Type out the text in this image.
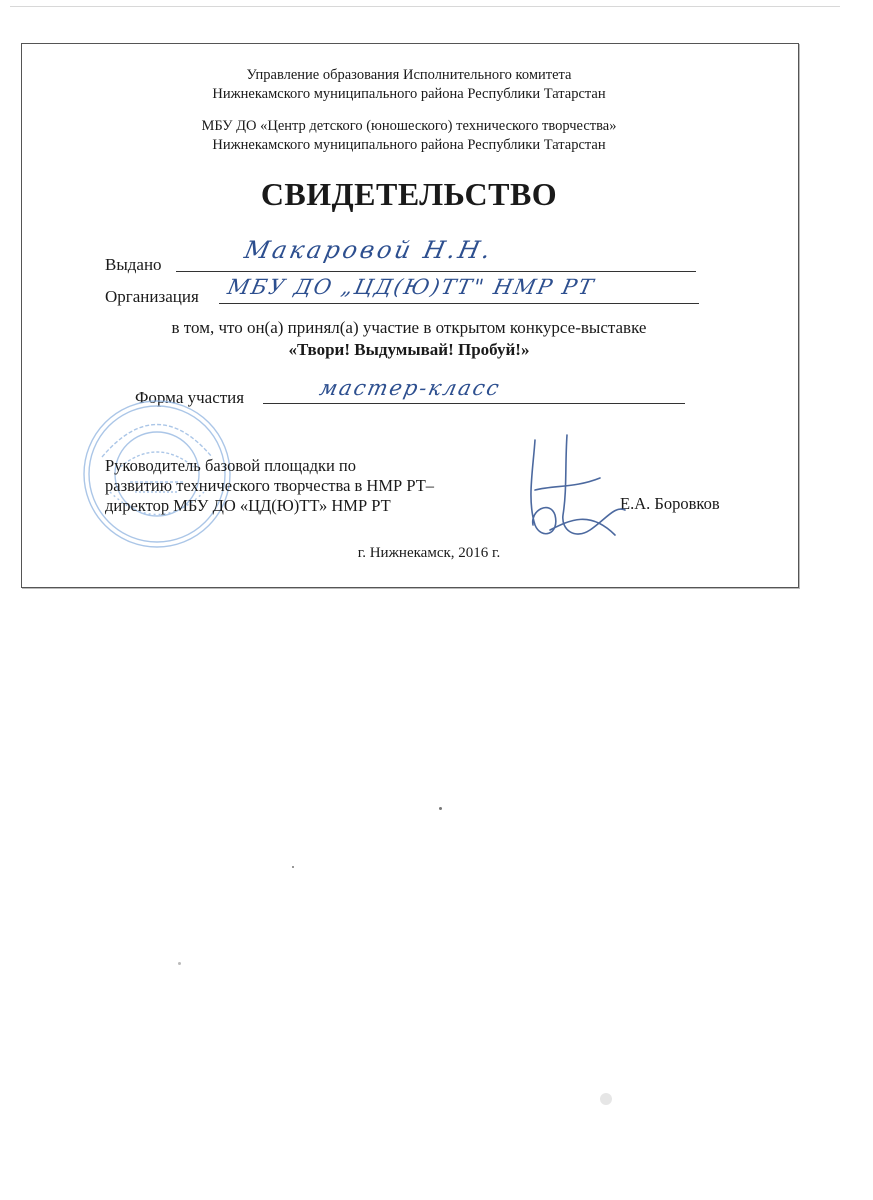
Управление образования Исполнительного комитета
Нижнекамского муниципального района Республики Татарстан
МБУ ДО «Центр детского (юношеского) технического творчества»
Нижнекамского муниципального района Республики Татарстан
СВИДЕТЕЛЬСТВО
Выдано
Макаровой Н.Н.
Организация МБУ ДО „ЦД(Ю)ТТ" НМР РТ
в том, что он(а) принял(а) участие в открытом конкурсе-выставке
«Твори! Выдумывай! Пробуй!»
Форма участия	мастер-класс
Руководитель базовой площадки по
развитию технического творчества в НМР РТ–
директор МБУ ДО «ЦД(Ю)ТТ» НМР РТ	Е.А. Боровков
г. Нижнекамск, 2016 г.
